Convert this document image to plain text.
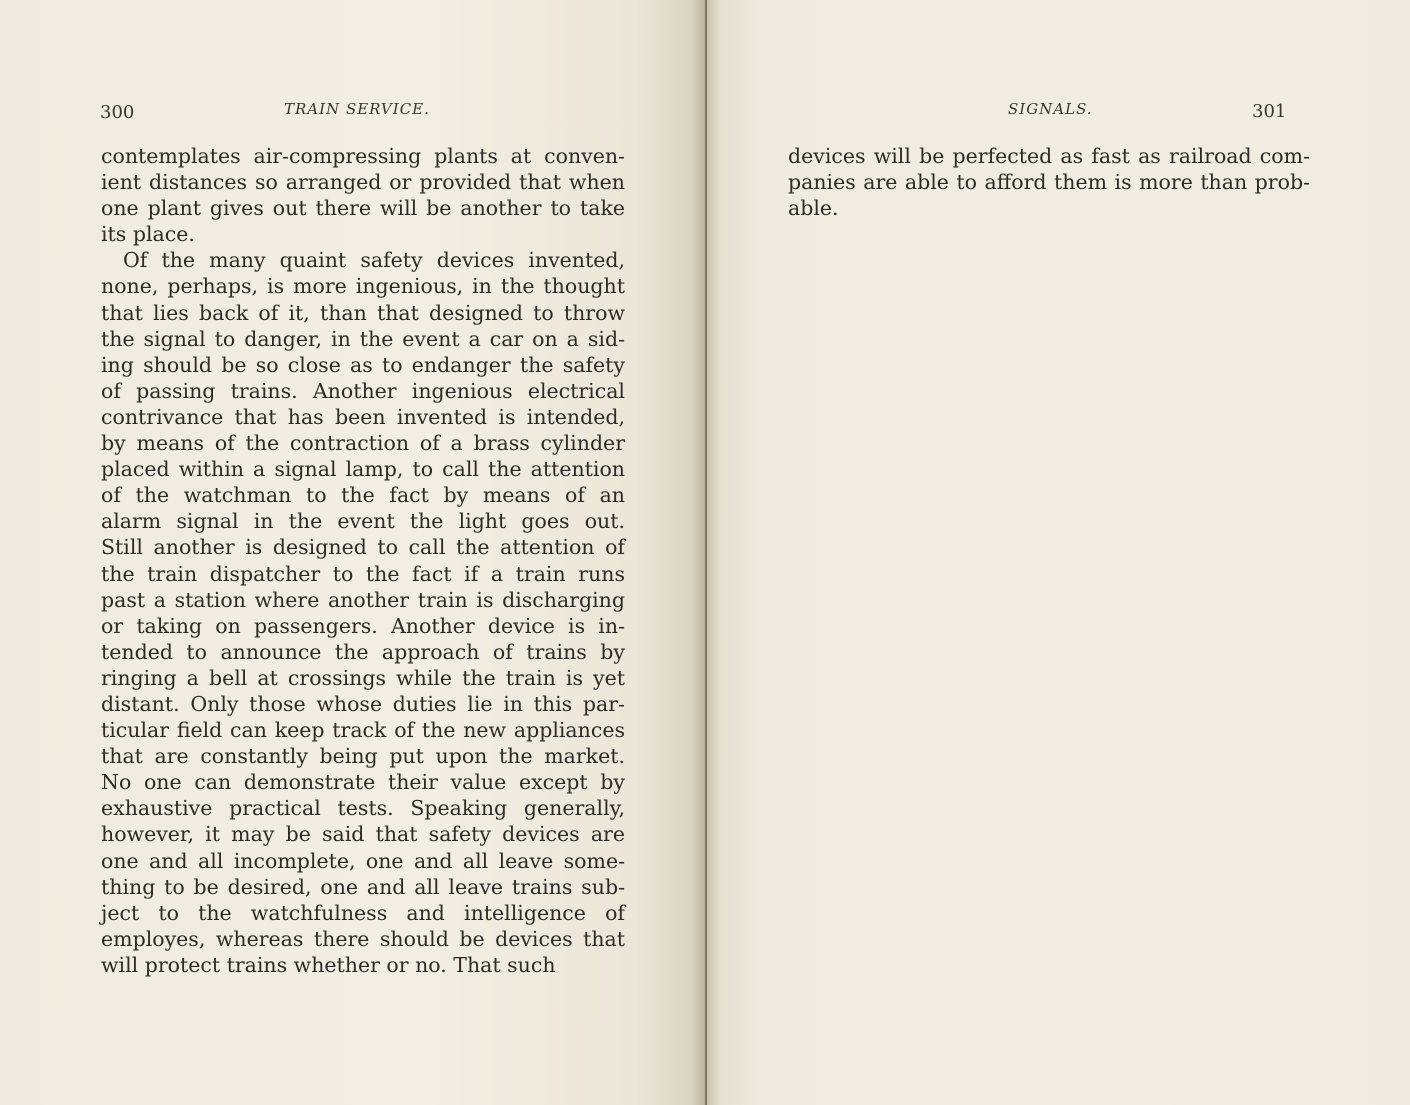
300	TRAIN SERVICE.
contemplates air-compressing plants at conven-
ient distances so arranged or provided that when
one plant gives out there will be another to take
its place.
Of the many quaint safety devices invented,
none, perhaps, is more ingenious, in the thought
that lies back of it, than that designed to throw
the signal to danger, in the event a car on a sid-
ing should be so close as to endanger the safety
of passing trains. Another ingenious electrical
contrivance that has been invented is intended,
by means of the contraction of a brass cylinder
placed within a signal lamp, to call the attention
of the watchman to the fact by means of an
alarm signal in the event the light goes out.
Still another is designed to call the attention of
the train dispatcher to the fact if a train runs
past a station where another train is discharging
or taking on passengers. Another device is in-
tended to announce the approach of trains by
ringing a bell at crossings while the train is yet
distant. Only those whose duties lie in this par-
ticular field can keep track of the new appliances
that are constantly being put upon the market.
No one can demonstrate their value except by
exhaustive practical tests. Speaking generally,
however, it may be said that safety devices are
one and all incomplete, one and all leave some-
thing to be desired, one and all leave trains sub-
ject to the watchfulness and intelligence of
employes, whereas there should be devices that
will protect trains whether or no. That such
SIGNALS.	301
devices will be perfected as fast as railroad com-
panies are able to afford them is more than prob-
able.
